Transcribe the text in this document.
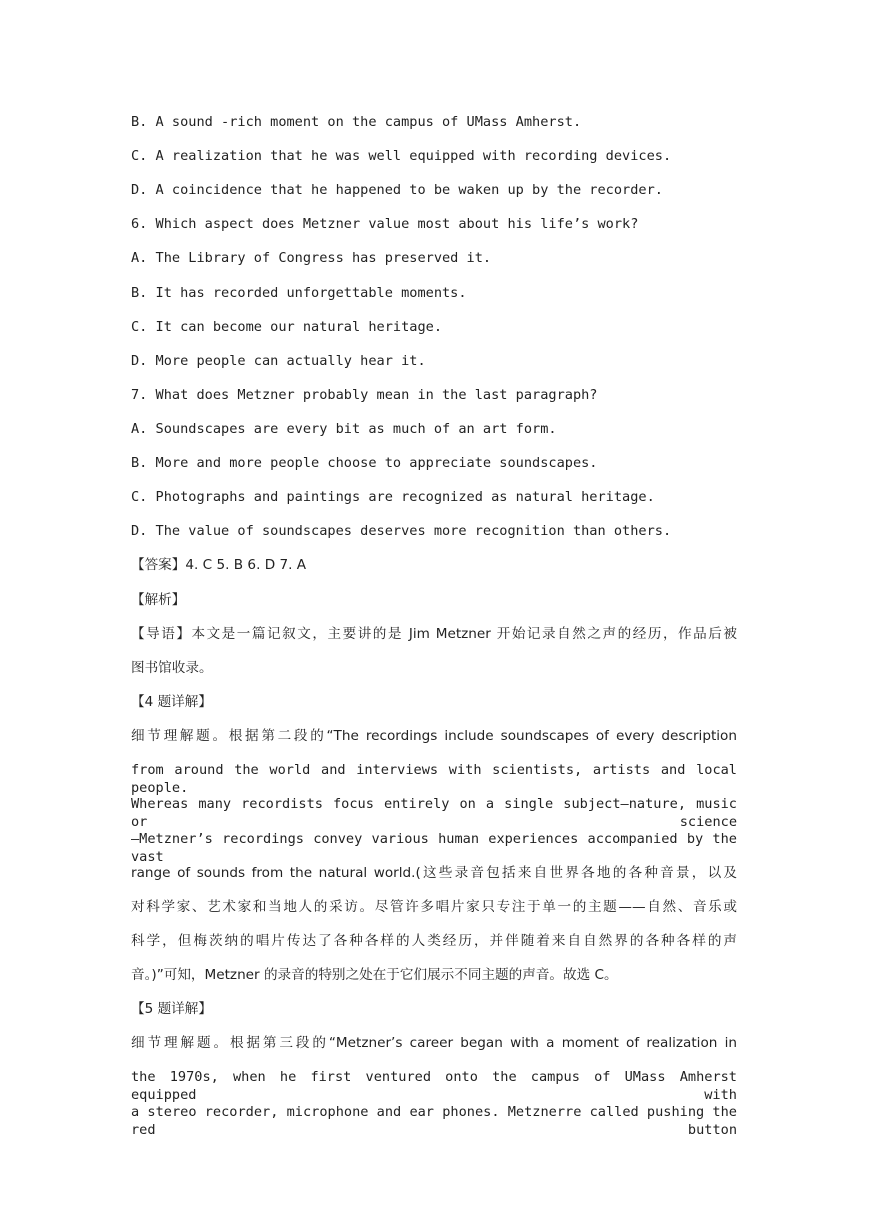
B. A sound -rich moment on the campus of UMass Amherst.
C. A realization that he was well equipped with recording devices.
D. A coincidence that he happened to be waken up by the recorder.
6. Which aspect does Metzner value most about his life’s work?
A. The Library of Congress has preserved it.
B. It has recorded unforgettable moments.
C. It can become our natural heritage.
D. More people can actually hear it.
7. What does Metzner probably mean in the last paragraph?
A. Soundscapes are every bit as much of an art form.
B. More and more people choose to appreciate soundscapes.
C. Photographs and paintings are recognized as natural heritage.
D. The value of soundscapes deserves more recognition than others.
【答案】4. C 5. B 6. D 7. A
【解析】
【导语】本文是一篇记叙文，主要讲的是 Jim Metzner 开始记录自然之声的经历，作品后被
图书馆收录。
【4 题详解】
细节理解题。根据第二段的“The recordings include soundscapes of every description
from around the world and interviews with scientists, artists and local people.
Whereas many recordists focus entirely on a single subject—nature, music or science
—Metzner’s recordings convey various human experiences accompanied by the vast
range of sounds from the natural world.(这些录音包括来自世界各地的各种音景，以及
对科学家、艺术家和当地人的采访。尽管许多唱片家只专注于单一的主题——自然、音乐或
科学，但梅茨纳的唱片传达了各种各样的人类经历，并伴随着来自自然界的各种各样的声
音。)”可知，Metzner 的录音的特别之处在于它们展示不同主题的声音。故选 C。
【5 题详解】
细节理解题。根据第三段的“Metzner’s career began with a moment of realization in
the 1970s, when he first ventured onto the campus of UMass Amherst equipped with
a stereo recorder, microphone and ear phones. Metznerre called pushing the red button
